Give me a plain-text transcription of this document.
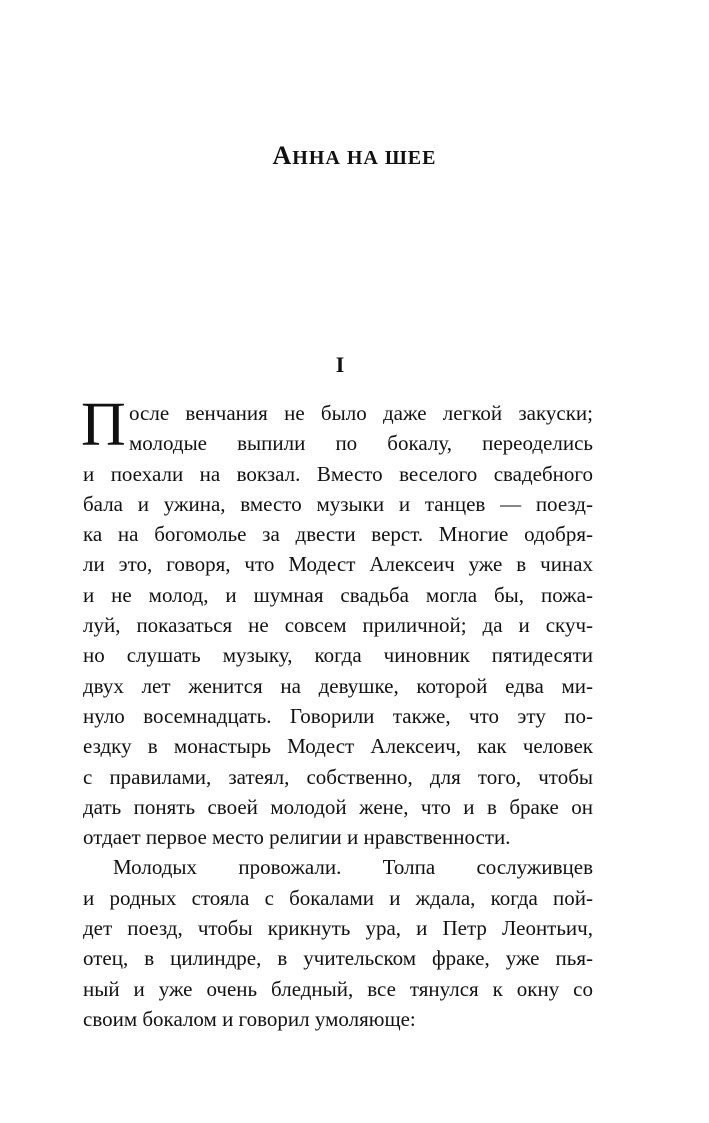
АННА НА ШЕЕ
I
П осле венчания не было даже легкой закуски;
молодые выпили по бокалу, переоделись
и поехали на вокзал. Вместо веселого свадебного
бала и ужина, вместо музыки и танцев — поезд-
ка на богомолье за двести верст. Многие одобря-
ли это, говоря, что Модест Алексеич уже в чинах
и не молод, и шумная свадьба могла бы, пожа-
луй, показаться не совсем приличной; да и скуч-
но слушать музыку, когда чиновник пятидесяти
двух лет женится на девушке, которой едва ми-
нуло восемнадцать. Говорили также, что эту по-
ездку в монастырь Модест Алексеич, как человек
с правилами, затеял, собственно, для того, чтобы
дать понять своей молодой жене, что и в браке он
отдает первое место религии и нравственности.
Молодых провожали. Толпа сослуживцев
и родных стояла с бокалами и ждала, когда пой-
дет поезд, чтобы крикнуть ура, и Петр Леонтьич,
отец, в цилиндре, в учительском фраке, уже пья-
ный и уже очень бледный, все тянулся к окну со
своим бокалом и говорил умоляюще:
